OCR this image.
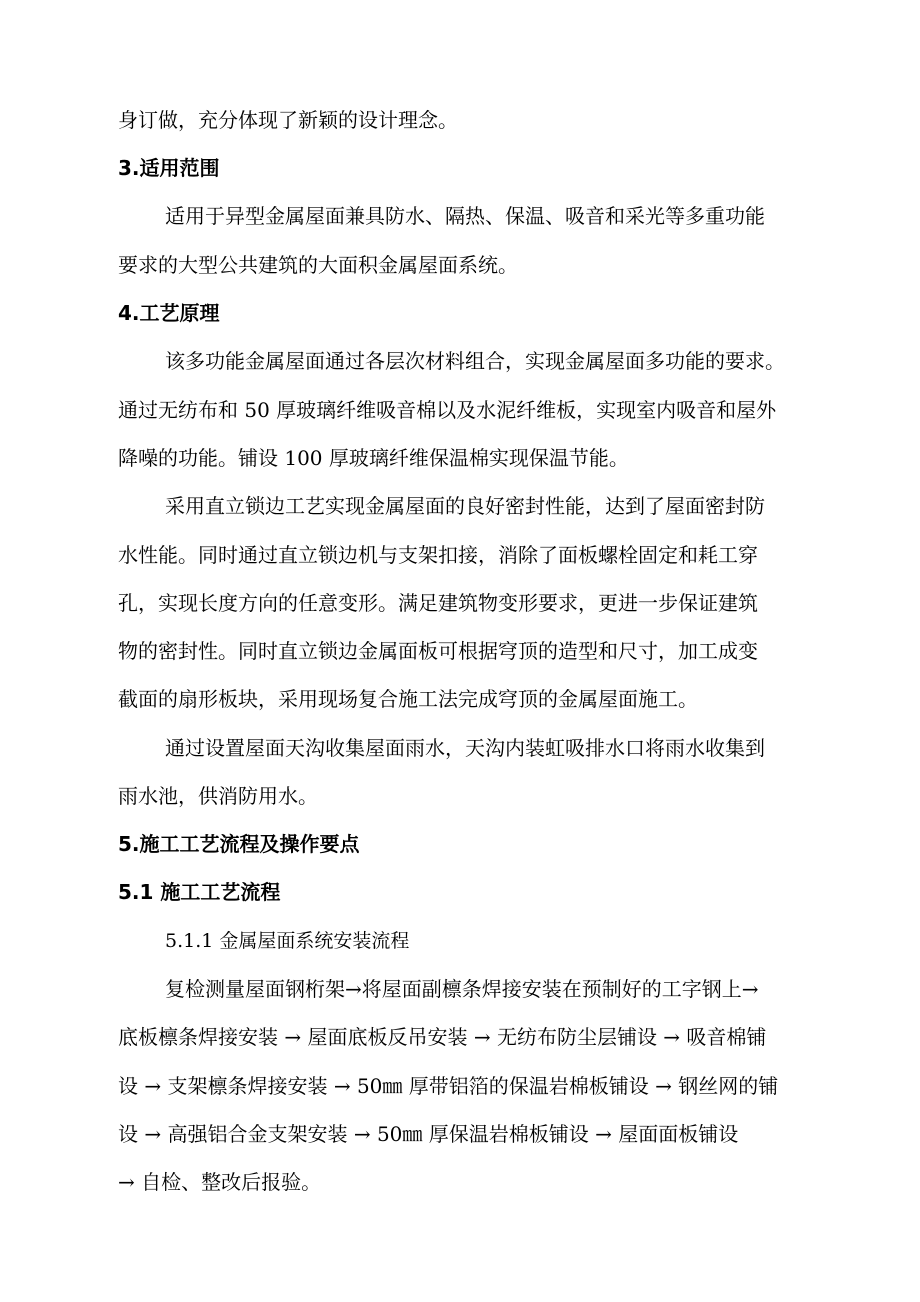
身订做，充分体现了新颖的设计理念。
3.适用范围
适用于异型金属屋面兼具防水、隔热、保温、吸音和采光等多重功能
要求的大型公共建筑的大面积金属屋面系统。
4.工艺原理
该多功能金属屋面通过各层次材料组合，实现金属屋面多功能的要求。
通过无纺布和 50 厚玻璃纤维吸音棉以及水泥纤维板，实现室内吸音和屋外
降噪的功能。铺设 100 厚玻璃纤维保温棉实现保温节能。
采用直立锁边工艺实现金属屋面的良好密封性能，达到了屋面密封防
水性能。同时通过直立锁边机与支架扣接，消除了面板螺栓固定和耗工穿
孔，实现长度方向的任意变形。满足建筑物变形要求，更进一步保证建筑
物的密封性。同时直立锁边金属面板可根据穹顶的造型和尺寸，加工成变
截面的扇形板块，采用现场复合施工法完成穹顶的金属屋面施工。
通过设置屋面天沟收集屋面雨水，天沟内装虹吸排水口将雨水收集到
雨水池，供消防用水。
5.施工工艺流程及操作要点
5.1 施工工艺流程
5.1.1 金属屋面系统安装流程
复检测量屋面钢桁架→将屋面副檩条焊接安装在预制好的工字钢上→
底板檩条焊接安装 → 屋面底板反吊安装 → 无纺布防尘层铺设 → 吸音棉铺
设 → 支架檩条焊接安装 → 50㎜ 厚带铝箔的保温岩棉板铺设 → 钢丝网的铺
设 → 高强铝合金支架安装 → 50㎜ 厚保温岩棉板铺设 → 屋面面板铺设
→ 自检、整改后报验。
